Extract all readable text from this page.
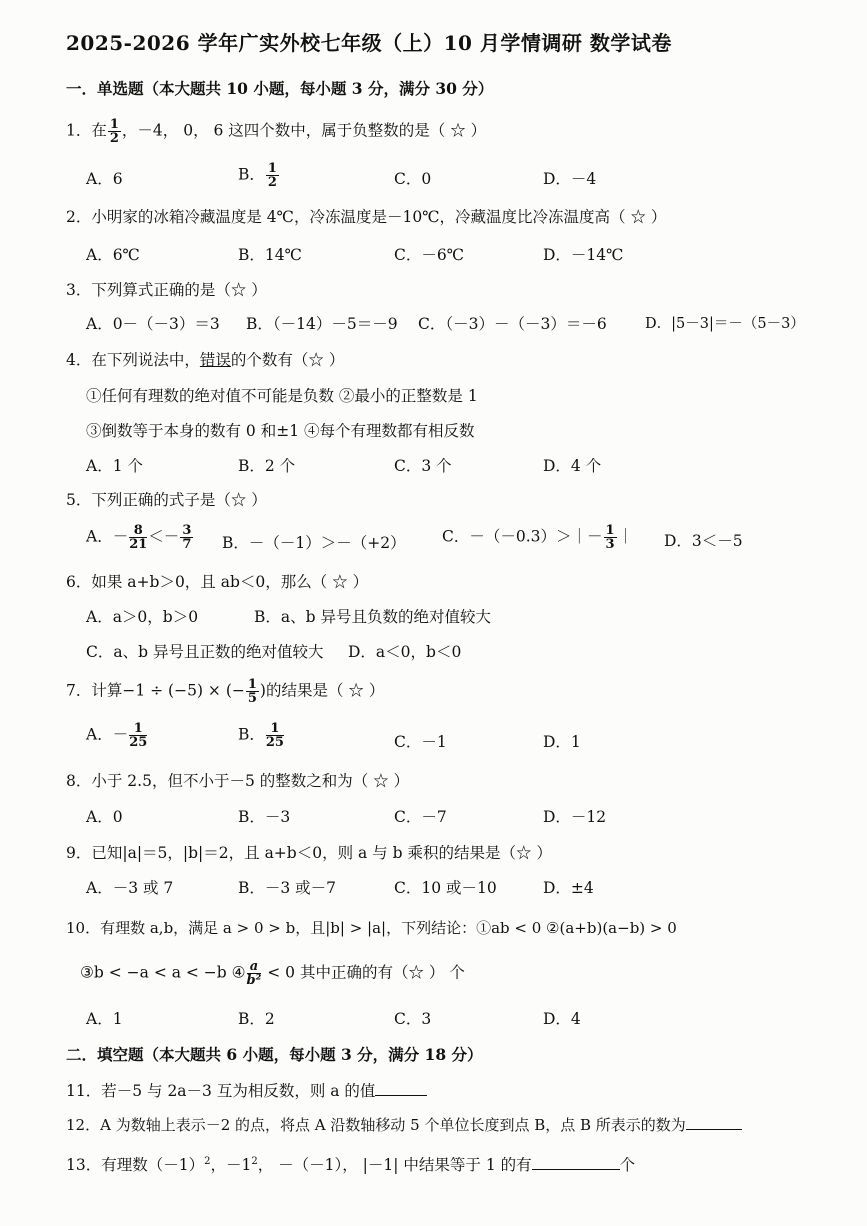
2025-2026 学年广实外校七年级（上）10 月学情调研 数学试卷
一．单选题（本大题共 10 小题，每小题 3 分，满分 30 分）
1．在 $\frac{1}{2}$ ，－4， 0， 6 这四个数中，属于负整数的是（ ☆ ）
A．6	B． $\frac{1}{2}$	C．0	D．－4
2．小明家的冰箱冷藏温度是 4℃，冷冻温度是－10℃，冷藏温度比冷冻温度高（ ☆ ）
A．6℃	B．14℃	C．－6℃	D．－14℃
3．下列算式正确的是（☆ ）
A．0－（－3）＝3 B．（－14）－5＝－9 C．（－3）－（－3）＝－6	D．|5－3|＝－（5－3）
4．在下列说法中，错误的个数有（☆ ）
①任何有理数的绝对值不可能是负数 ②最小的正整数是 1
③倒数等于本身的数有 0 和±1 ④每个有理数都有相反数
A．1 个	B．2 个	C．3 个	D．4 个
5．下列正确的式子是（☆ ）
A．－ $\frac{8}{21} <- \frac{3}{7}$ B．－（－1）＞－（+2） C．－（－0.3）＞｜－ $\frac{1}{3}$ ｜ D．3＜－5
6．如果 a+b＞0，且 ab＜0，那么（ ☆ ）
A．a＞0，b＞0	B．a、b 异号且负数的绝对值较大
C．a、b 异号且正数的绝对值较大 D．a＜0，b＜0
7．计算−1 ÷ (−5) × (− $\frac{1}{5}$ )的结果是（ ☆ ）
A．－ $\frac{1}{25}$	B． $\frac{1}{25}$	C．－1	D．1
8．小于 2.5，但不小于－5 的整数之和为（ ☆ ）
A．0	B．－3	C．－7	D．－12
9．已知|a|＝5，|b|＝2，且 a+b＜0，则 a 与 b 乘积的结果是（☆ ）
A．－3 或 7	B．－3 或－7	C．10 或－10	D．±4
10．有理数 a,b，满足 a > 0 > b，且|b| > |a|，下列结论：①ab < 0 ②(a+b)(a−b) > 0
③b < −a < a < −b ④ $\frac{a}{\text{b²}} < 0$ 其中正确的有（☆ ） 个
A．1	B．2	C．3	D．4
二．填空题（本大题共 6 小题，每小题 3 分，满分 18 分）
11．若－5 与 2a－3 互为相反数，则 a 的值
12．A 为数轴上表示－2 的点，将点 A 沿数轴移动 5 个单位长度到点 B，点 B 所表示的数为
13．有理数$(-1)^2$，$-1^2$， －（－1）， |－1| 中结果等于 1 的有	个
